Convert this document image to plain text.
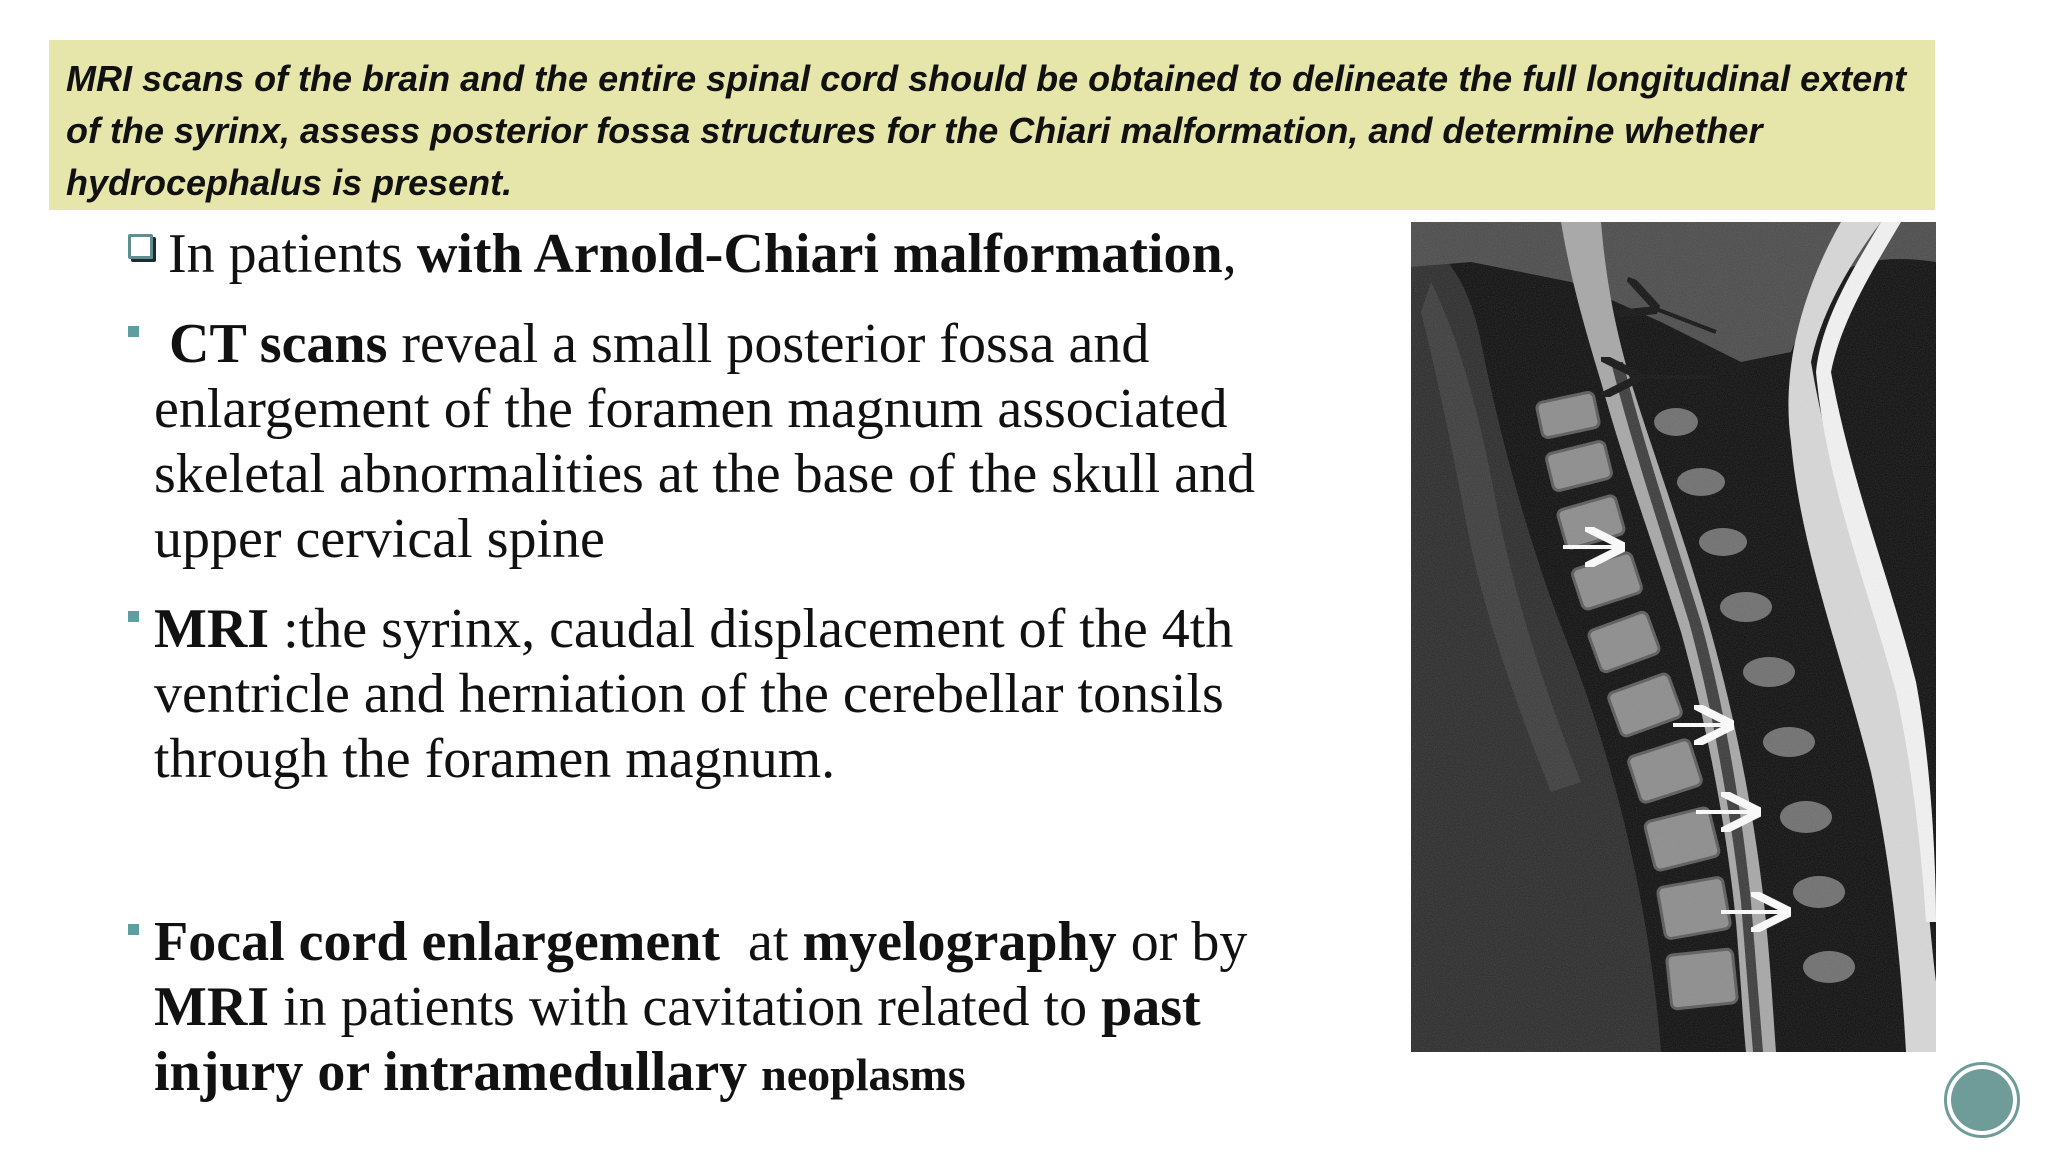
MRI scans of the brain and the entire spinal cord should be obtained to delineate the full longitudinal extent of the syrinx, assess posterior fossa structures for the Chiari malformation, and determine whether hydrocephalus is present.
In patients with Arnold-Chiari malformation,
CT scans reveal a small posterior fossa and enlargement of the foramen magnum associated skeletal abnormalities at the base of the skull and upper cervical spine
MRI :the syrinx, caudal displacement of the 4th ventricle and herniation of the cerebellar tonsils through the foramen magnum.
Focal cord enlargement  at myelography or by MRI in patients with cavitation related to past injury or intramedullary neoplasms
